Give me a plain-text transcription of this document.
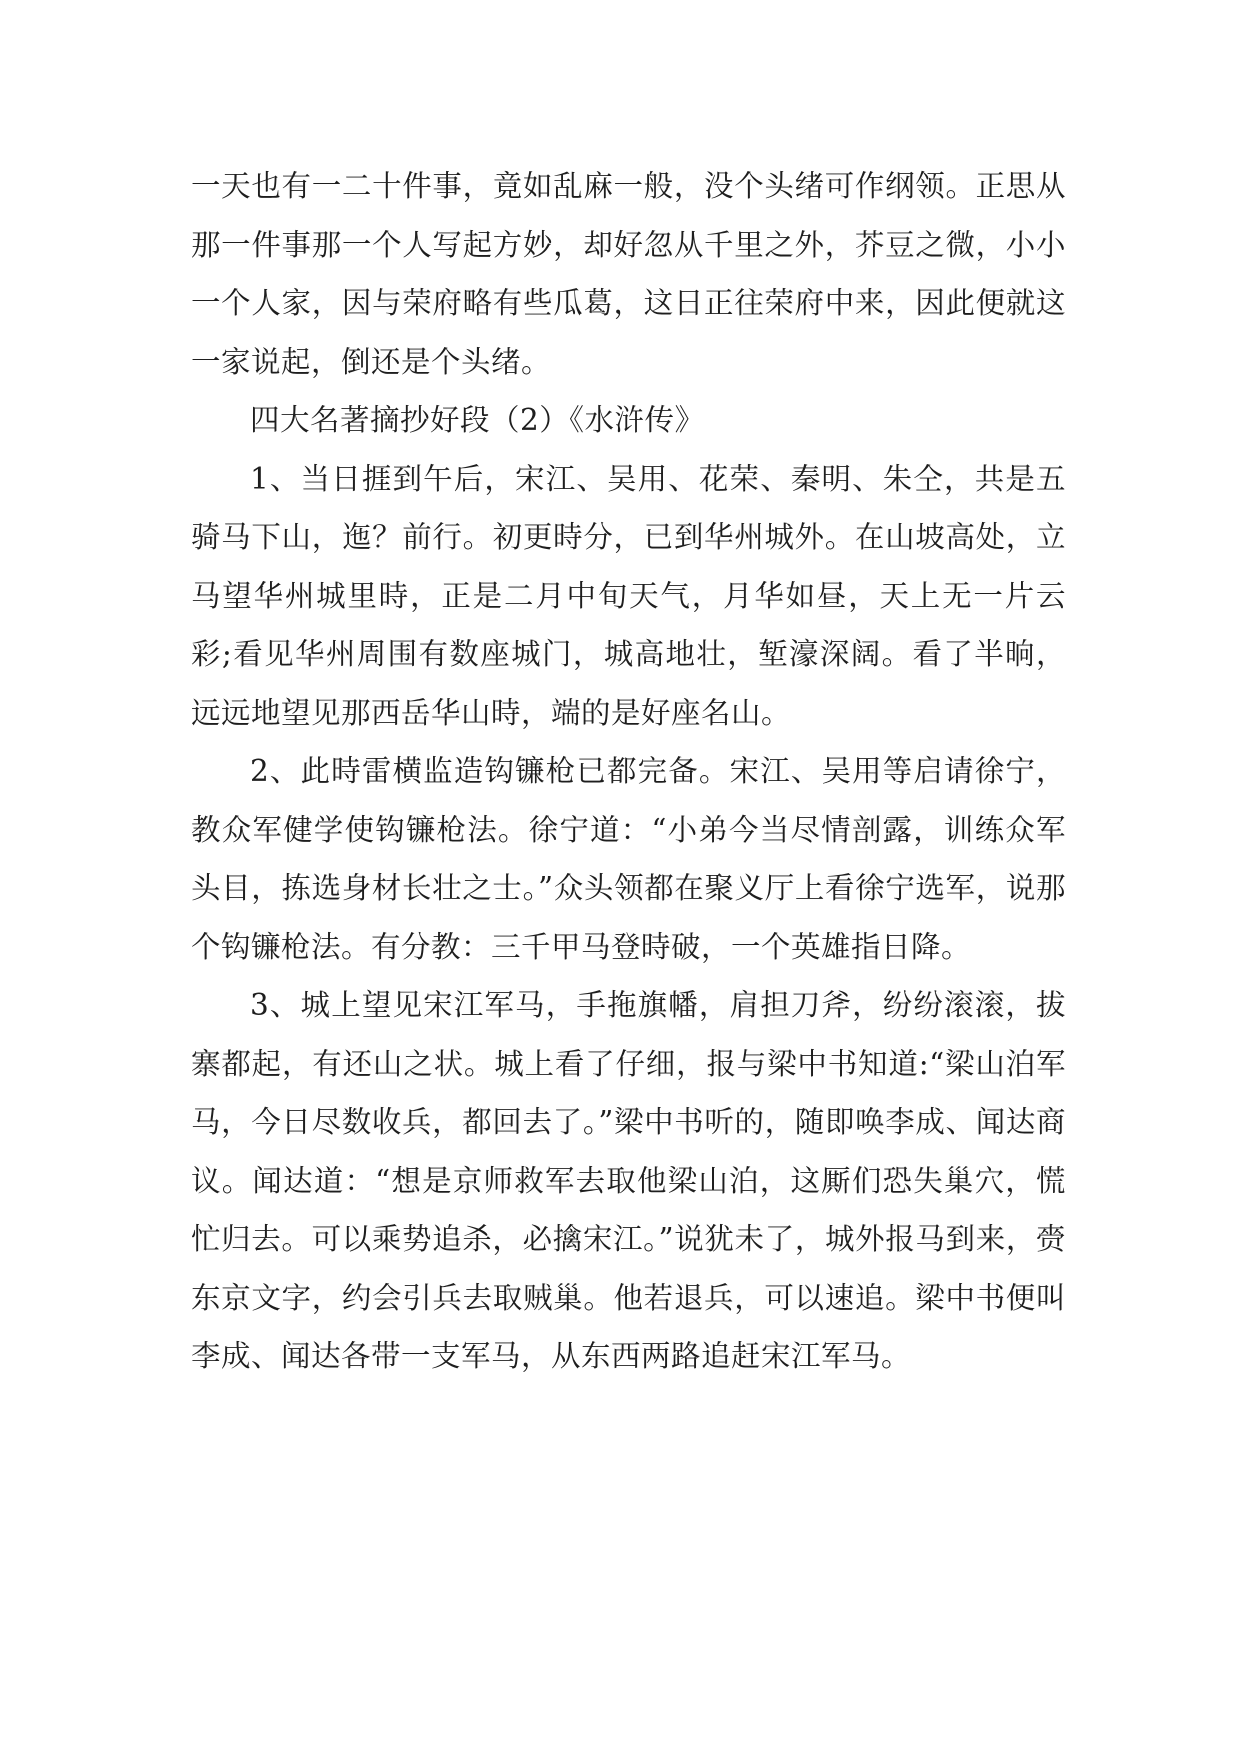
一天也有一二十件事，竟如乱麻一般，没个头绪可作纲领。正思从那一件事那一个人写起方妙，却好忽从千里之外，芥豆之微，小小一个人家，因与荣府略有些瓜葛，这日正往荣府中来，因此便就这一家说起，倒还是个头绪。

四大名著摘抄好段（2）《水浒传》

1、当日捱到午后，宋江、吴用、花荣、秦明、朱仝，共是五骑马下山，迤？前行。初更時分，已到华州城外。在山坡高处，立马望华州城里時，正是二月中旬天气，月华如昼，天上无一片云彩;看见华州周围有数座城门，城高地壮，堑濠深阔。看了半晌，远远地望见那西岳华山時，端的是好座名山。

2、此時雷横监造钩镰枪已都完备。宋江、吴用等启请徐宁，教众军健学使钩镰枪法。徐宁道：“小弟今当尽情剖露，训练众军头目，拣选身材长壮之士。”众头领都在聚义厅上看徐宁选军，说那个钩镰枪法。有分教：三千甲马登時破，一个英雄指日降。

3、城上望见宋江军马，手拖旗幡，肩担刀斧，纷纷滚滚，拔寨都起，有还山之状。城上看了仔细，报与梁中书知道:“梁山泊军马，今日尽数收兵，都回去了。”梁中书听的，随即唤李成、闻达商议。闻达道：“想是京师救军去取他梁山泊，这厮们恐失巢穴，慌忙归去。可以乘势追杀，必擒宋江。”说犹未了，城外报马到来，赍东京文字，约会引兵去取贼巢。他若退兵，可以速追。梁中书便叫李成、闻达各带一支军马，从东西两路追赶宋江军马。
